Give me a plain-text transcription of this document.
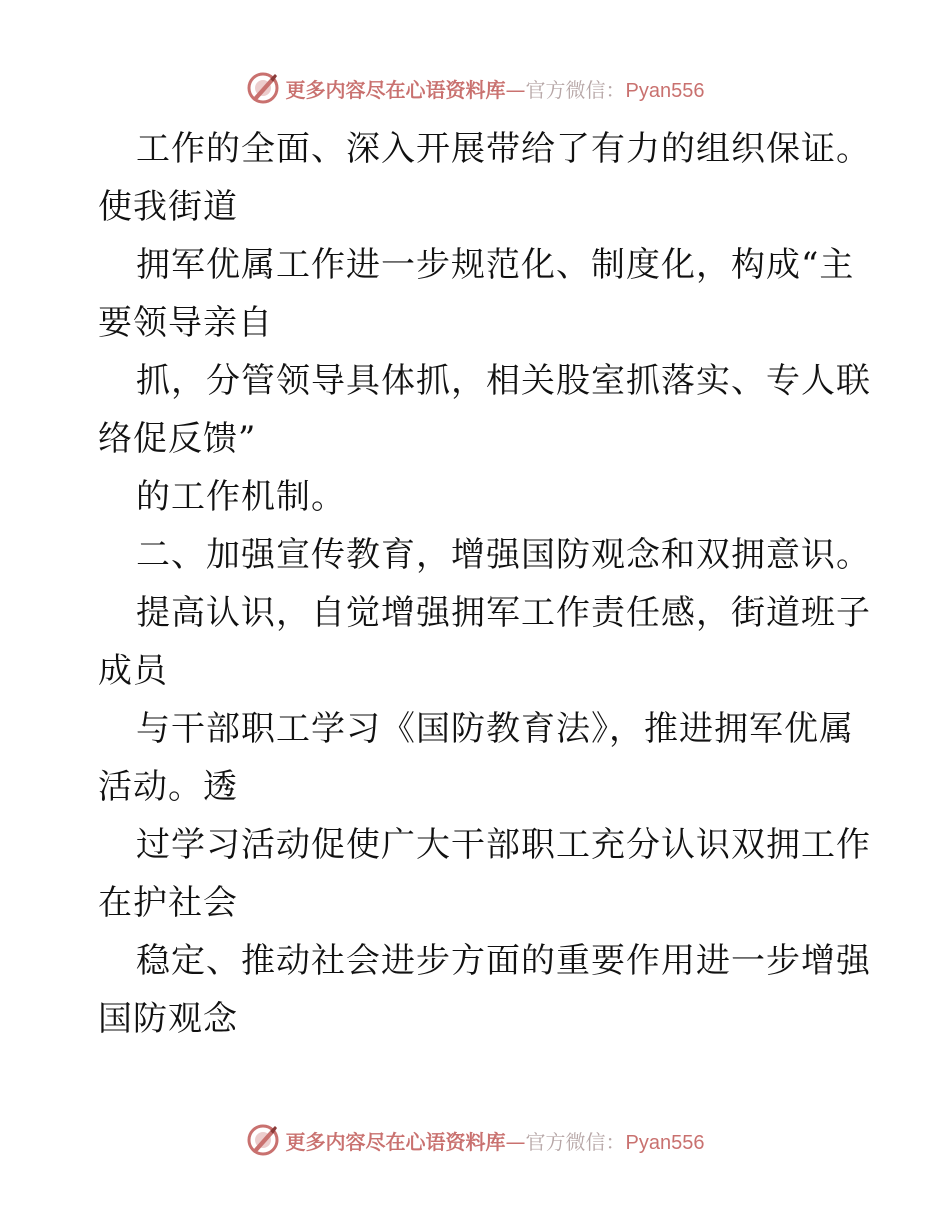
更多内容尽在心语资料库—官方微信：Pyan556
工作的全面、深入开展带给了有力的组织保证。
使我街道
拥军优属工作进一步规范化、制度化，构成“主
要领导亲自
抓，分管领导具体抓，相关股室抓落实、专人联
络促反馈”
的工作机制。
二、加强宣传教育，增强国防观念和双拥意识。
提高认识，自觉增强拥军工作责任感，街道班子
成员
与干部职工学习《国防教育法》，推进拥军优属
活动。透
过学习活动促使广大干部职工充分认识双拥工作
在护社会
稳定、推动社会进步方面的重要作用进一步增强
国防观念
更多内容尽在心语资料库—官方微信：Pyan556
